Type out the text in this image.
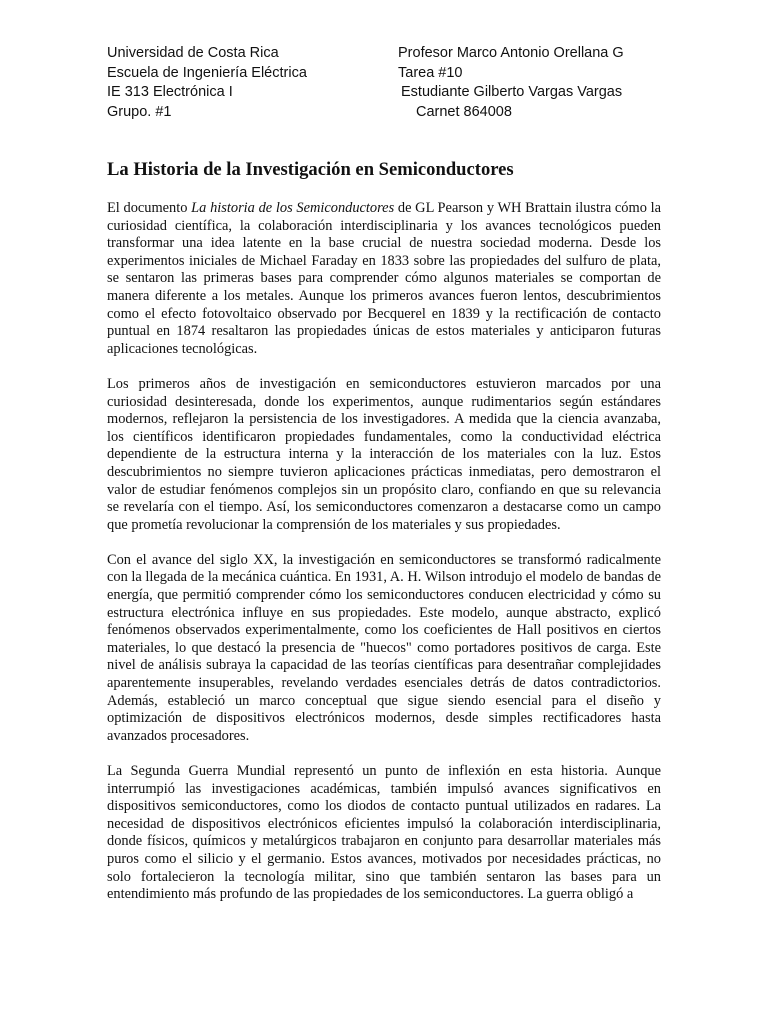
Universidad de Costa Rica
Escuela de Ingeniería Eléctrica
IE 313 Electrónica I
Grupo. #1
Profesor Marco Antonio Orellana G
Tarea #10
Estudiante Gilberto Vargas Vargas
Carnet 864008
La Historia de la Investigación en Semiconductores

El documento La historia de los Semiconductores de GL Pearson y WH Brattain ilustra cómo la curiosidad científica, la colaboración interdisciplinaria y los avances tecnológicos pueden transformar una idea latente en la base crucial de nuestra sociedad moderna. Desde los experimentos iniciales de Michael Faraday en 1833 sobre las propiedades del sulfuro de plata, se sentaron las primeras bases para comprender cómo algunos materiales se comportan de manera diferente a los metales. Aunque los primeros avances fueron lentos, descubrimientos como el efecto fotovoltaico observado por Becquerel en 1839 y la rectificación de contacto puntual en 1874 resaltaron las propiedades únicas de estos materiales y anticiparon futuras aplicaciones tecnológicas.

Los primeros años de investigación en semiconductores estuvieron marcados por una curiosidad desinteresada, donde los experimentos, aunque rudimentarios según estándares modernos, reflejaron la persistencia de los investigadores. A medida que la ciencia avanzaba, los científicos identificaron propiedades fundamentales, como la conductividad eléctrica dependiente de la estructura interna y la interacción de los materiales con la luz. Estos descubrimientos no siempre tuvieron aplicaciones prácticas inmediatas, pero demostraron el valor de estudiar fenómenos complejos sin un propósito claro, confiando en que su relevancia se revelaría con el tiempo. Así, los semiconductores comenzaron a destacarse como un campo que prometía revolucionar la comprensión de los materiales y sus propiedades.

Con el avance del siglo XX, la investigación en semiconductores se transformó radicalmente con la llegada de la mecánica cuántica. En 1931, A. H. Wilson introdujo el modelo de bandas de energía, que permitió comprender cómo los semiconductores conducen electricidad y cómo su estructura electrónica influye en sus propiedades. Este modelo, aunque abstracto, explicó fenómenos observados experimentalmente, como los coeficientes de Hall positivos en ciertos materiales, lo que destacó la presencia de "huecos" como portadores positivos de carga. Este nivel de análisis subraya la capacidad de las teorías científicas para desentrañar complejidades aparentemente insuperables, revelando verdades esenciales detrás de datos contradictorios. Además, estableció un marco conceptual que sigue siendo esencial para el diseño y optimización de dispositivos electrónicos modernos, desde simples rectificadores hasta avanzados procesadores.

La Segunda Guerra Mundial representó un punto de inflexión en esta historia. Aunque interrumpió las investigaciones académicas, también impulsó avances significativos en dispositivos semiconductores, como los diodos de contacto puntual utilizados en radares. La necesidad de dispositivos electrónicos eficientes impulsó la colaboración interdisciplinaria, donde físicos, químicos y metalúrgicos trabajaron en conjunto para desarrollar materiales más puros como el silicio y el germanio. Estos avances, motivados por necesidades prácticas, no solo fortalecieron la tecnología militar, sino que también sentaron las bases para un entendimiento más profundo de las propiedades de los semiconductores. La guerra obligó a
